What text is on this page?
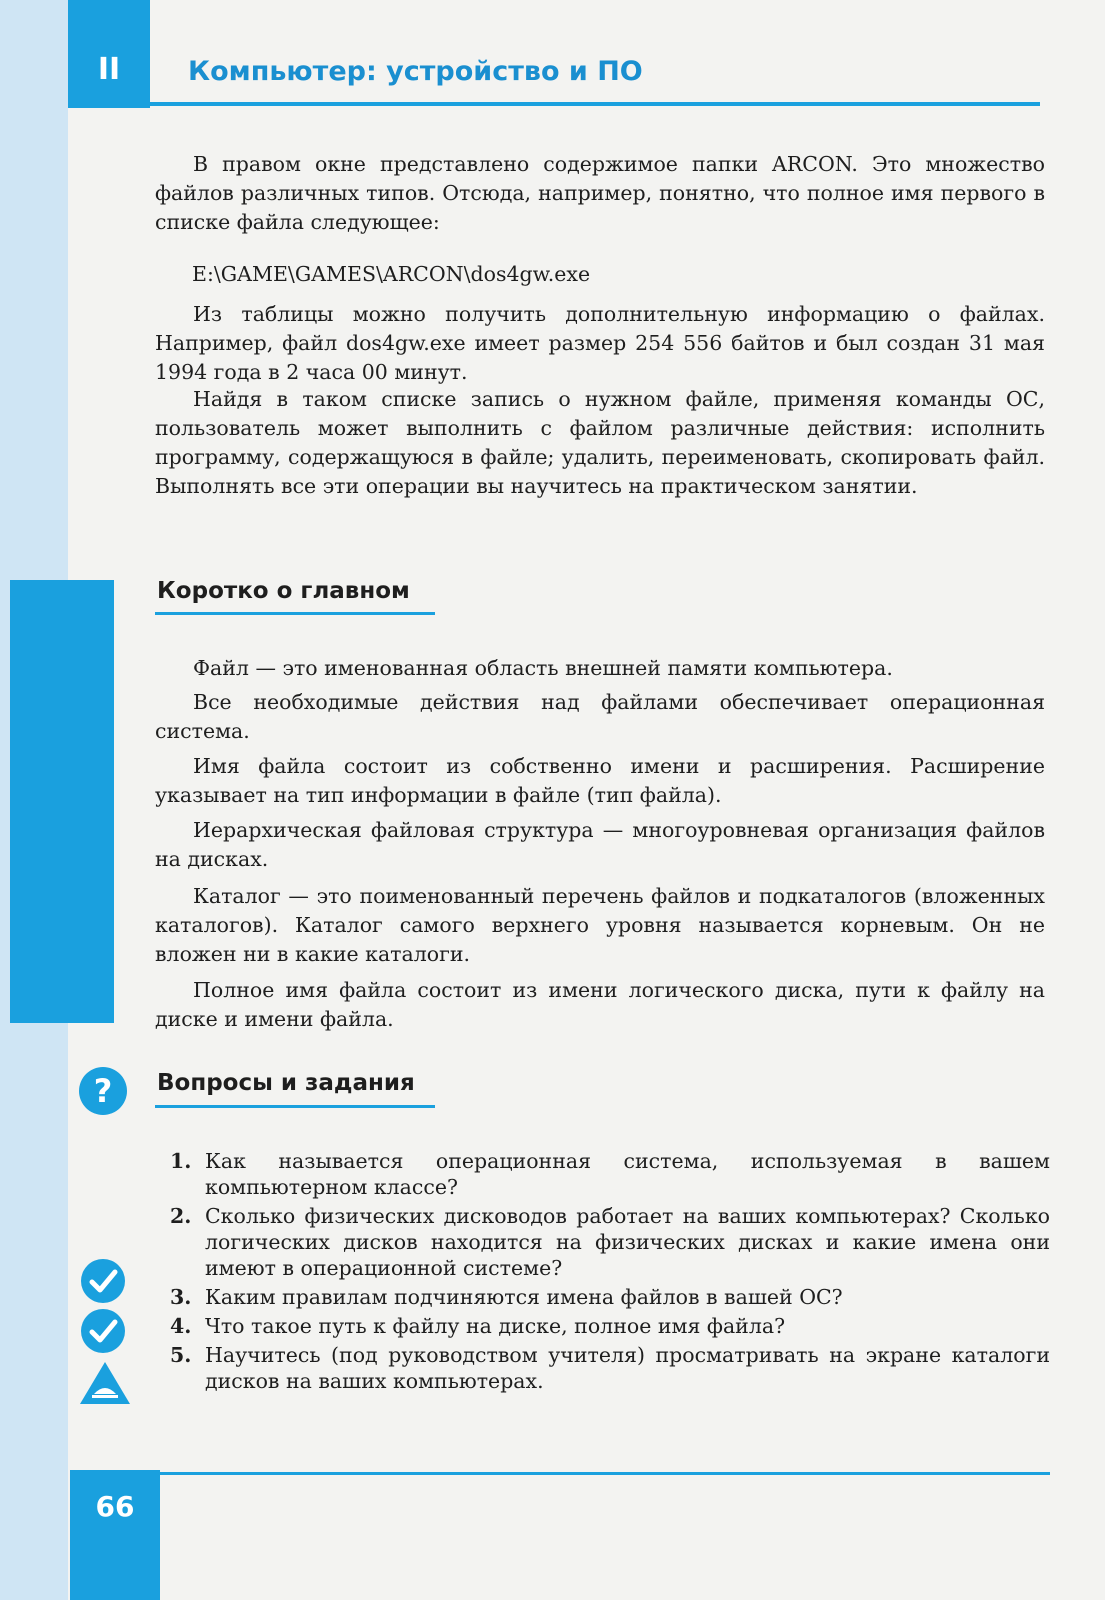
II	Компьютер: устройство и ПО

В правом окне представлено содержимое папки ARCON. Это множество файлов различных типов. Отсюда, например, понятно, что полное имя первого в списке файла следующее:

E:\GAME\GAMES\ARCON\dos4gw.exe

Из таблицы можно получить дополнительную информацию о файлах. Например, файл dos4gw.exe имеет размер 254 556 байтов и был создан 31 мая 1994 года в 2 часа 00 минут.

Найдя в таком списке запись о нужном файле, применяя команды ОС, пользователь может выполнить с файлом различные действия: исполнить программу, содержащуюся в файле; удалить, переименовать, скопировать файл. Выполнять все эти операции вы научитесь на практическом занятии.

Коротко о главном

Файл — это именованная область внешней памяти компьютера.

Все необходимые действия над файлами обеспечивает операционная система.

Имя файла состоит из собственно имени и расширения. Расширение указывает на тип информации в файле (тип файла).

Иерархическая файловая структура — многоуровневая организация файлов на дисках.

Каталог — это поименованный перечень файлов и подкаталогов (вложенных каталогов). Каталог самого верхнего уровня называется корневым. Он не вложен ни в какие каталоги.

Полное имя файла состоит из имени логического диска, пути к файлу на диске и имени файла.

? Вопросы и задания
1. Как называется операционная система, используемая в вашем компьютерном классе?
2. Сколько физических дисководов работает на ваших компьютерах? Сколько логических дисков находится на физических дисках и какие имена они имеют в операционной системе?
3. Каким правилам подчиняются имена файлов в вашей ОС?
4. Что такое путь к файлу на диске, полное имя файла?
5. Научитесь (под руководством учителя) просматривать на экране каталоги дисков на ваших компьютерах.
66
